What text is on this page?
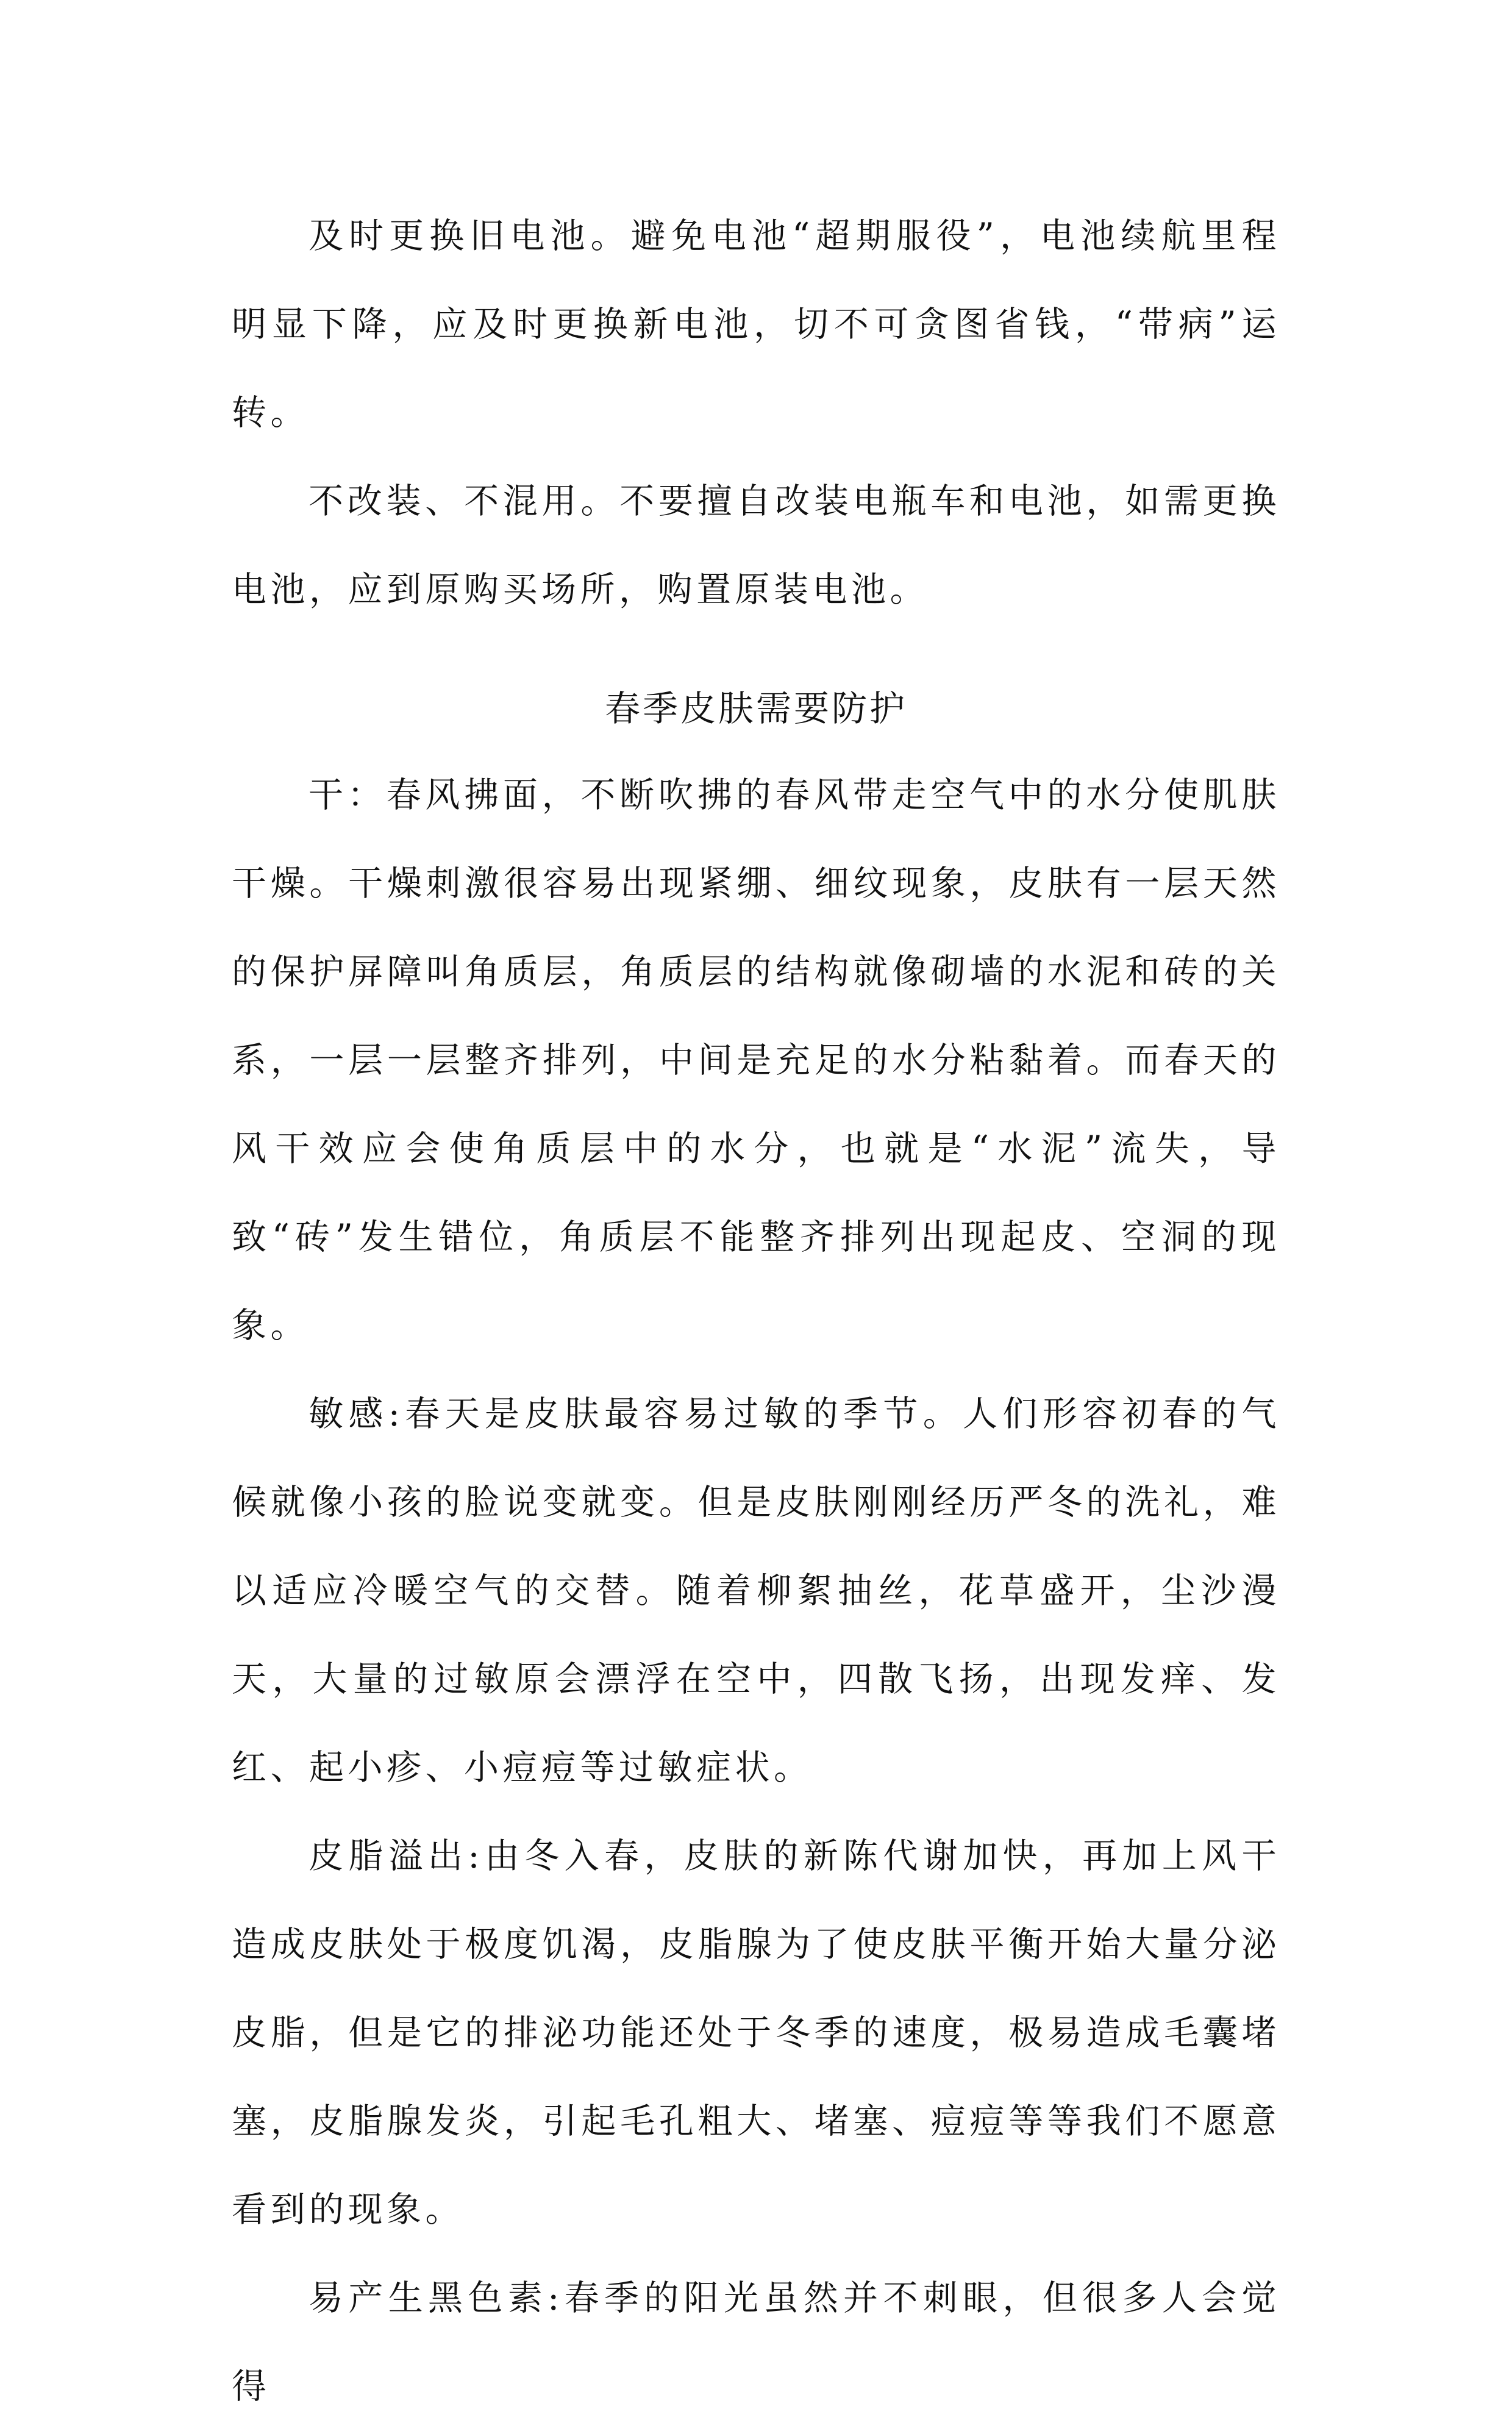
及时更换旧电池。避免电池“超期服役”，电池续航里程明显下降，应及时更换新电池，切不可贪图省钱，“带病”运转。

不改装、不混用。不要擅自改装电瓶车和电池，如需更换电池，应到原购买场所，购置原装电池。

春季皮肤需要防护

干：春风拂面，不断吹拂的春风带走空气中的水分使肌肤干燥。干燥刺激很容易出现紧绷、细纹现象，皮肤有一层天然的保护屏障叫角质层，角质层的结构就像砌墙的水泥和砖的关系，一层一层整齐排列，中间是充足的水分粘黏着。而春天的风干效应会使角质层中的水分，也就是“水泥”流失，导致“砖”发生错位，角质层不能整齐排列出现起皮、空洞的现象。

敏感:春天是皮肤最容易过敏的季节。人们形容初春的气候就像小孩的脸说变就变。但是皮肤刚刚经历严冬的洗礼，难以适应冷暖空气的交替。随着柳絮抽丝，花草盛开，尘沙漫天，大量的过敏原会漂浮在空中，四散飞扬，出现发痒、发红、起小疹、小痘痘等过敏症状。

皮脂溢出:由冬入春，皮肤的新陈代谢加快，再加上风干造成皮肤处于极度饥渴，皮脂腺为了使皮肤平衡开始大量分泌皮脂，但是它的排泌功能还处于冬季的速度，极易造成毛囊堵塞，皮脂腺发炎，引起毛孔粗大、堵塞、痘痘等等我们不愿意看到的现象。

易产生黑色素:春季的阳光虽然并不刺眼，但很多人会觉得
